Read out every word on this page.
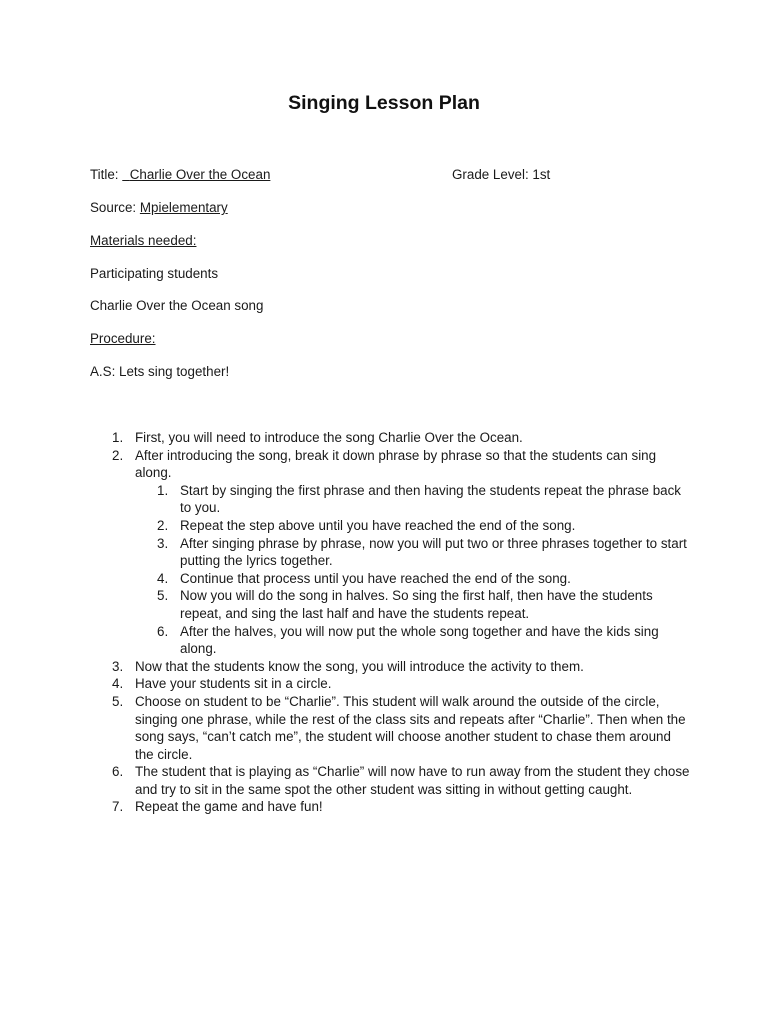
Singing Lesson Plan
Title: Charlie Over the Ocean	Grade Level: 1st
Source: Mpielementary
Materials needed:
Participating students
Charlie Over the Ocean song
Procedure:
A.S: Lets sing together!
1. First, you will need to introduce the song Charlie Over the Ocean.
2. After introducing the song, break it down phrase by phrase so that the students can sing along.
1. Start by singing the first phrase and then having the students repeat the phrase back to you.
2. Repeat the step above until you have reached the end of the song.
3. After singing phrase by phrase, now you will put two or three phrases together to start putting the lyrics together.
4. Continue that process until you have reached the end of the song.
5. Now you will do the song in halves. So sing the first half, then have the students repeat, and sing the last half and have the students repeat.
6. After the halves, you will now put the whole song together and have the kids sing along.
3. Now that the students know the song, you will introduce the activity to them.
4. Have your students sit in a circle.
5. Choose on student to be “Charlie”. This student will walk around the outside of the circle, singing one phrase, while the rest of the class sits and repeats after “Charlie”. Then when the song says, “can’t catch me”, the student will choose another student to chase them around the circle.
6. The student that is playing as “Charlie” will now have to run away from the student they chose and try to sit in the same spot the other student was sitting in without getting caught.
7. Repeat the game and have fun!
